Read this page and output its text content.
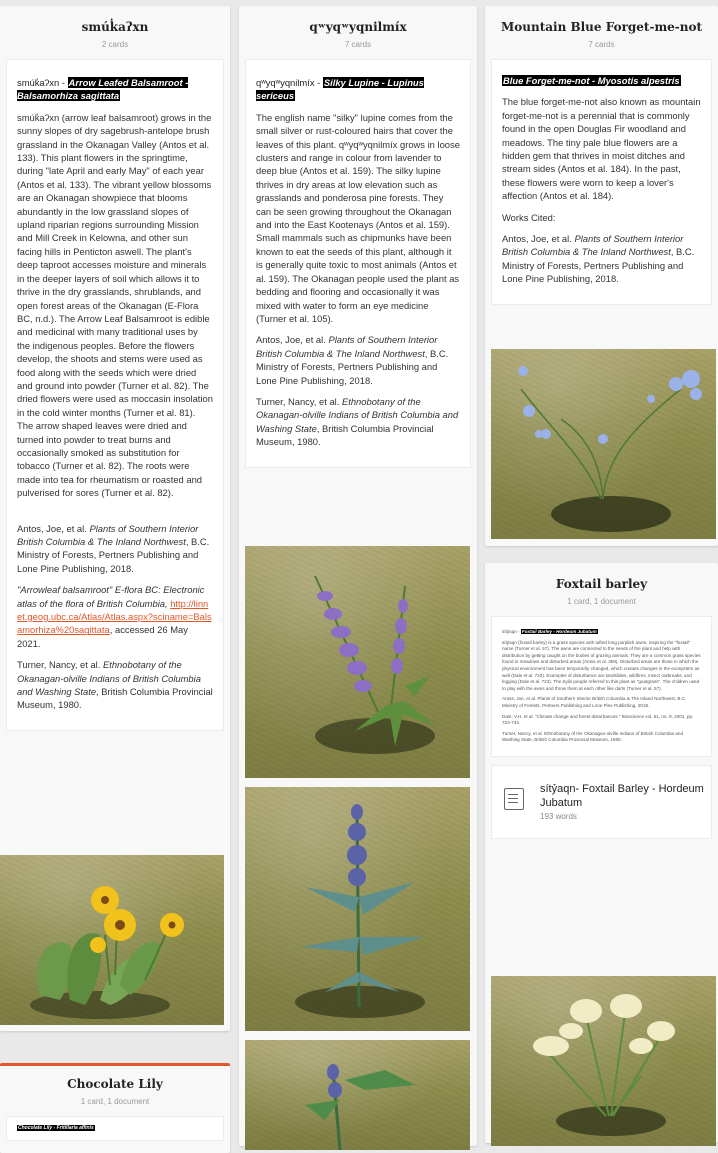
smúk̓aʔxn
2 cards

smúk̓aʔxn - Arrow Leafed Balsamroot - Balsamorhiza sagittata

smúk̓aʔxn (arrow leaf balsamroot) grows in the sunny slopes of dry sagebrush-antelope brush grassland in the Okanagan Valley (Antos et al. 133). This plant flowers in the springtime, during "late April and early May" of each year (Antos et al. 133). The vibrant yellow blossoms are an Okanagan showpiece that blooms abundantly in the low grassland slopes of upland riparian regions surrounding Mission and Mill Creek in Kelowna, and other sun facing hills in Penticton aswell. The plant's deep taproot accesses moisture and minerals in the deeper layers of soil which allows it to thrive in the dry grasslands, shrublands, and open forest areas of the Okanagan (E-Flora BC, n.d.). The Arrow Leaf Balsamroot is edible and medicinal with many traditional uses by the indigenous peoples. Before the flowers develop, the shoots and stems were used as food along with the seeds which were dried and ground into powder (Turner et al. 82). The dried flowers were used as moccasin insolation in the cold winter months (Turner et al. 81). The arrow shaped leaves were dried and turned into powder to treat burns and occasionally smoked as substitution for tobacco (Turner et al. 82). The roots were made into tea for rheumatism or roasted and pulverised for sores (Turner et al. 82).

Antos, Joe, et al. Plants of Southern Interior British Columbia & The Inland Northwest, B.C. Ministry of Forests, Pertners Publishing and Lone Pine Publishing, 2018.

"Arrowleaf balsamroot" E-flora BC: Electronic atlas of the flora of British Columbia, http://linnet.geog.ubc.ca/Atlas/Atlas.aspx?sciname=Balsamorhiza%20sagittata, accessed 26 May 2021.

Turner, Nancy, et al. Ethnobotany of the Okanagan-olville Indians of British Columbia and Washing State, British Columbia Provincial Museum, 1980.

Chocolate Lily
1 card, 1 document
Chocolate Lily - Fritillaria affinis
qʷyqʷyqnilmíx
7 cards

qʷyqʷyqnilmíx - Silky Lupine - Lupinus sericeus

The english name "silky" lupine comes from the small silver or rust-coloured hairs that cover the leaves of this plant. qʷyqʷyqnilmíx grows in loose clusters and range in colour from lavender to deep blue (Antos et al. 159). The silky lupine thrives in dry areas at low elevation such as grasslands and ponderosa pine forests. They can be seen growing throughout the Okanagan and into the East Kootenays (Antos et al. 159). Small mammals such as chipmunks have been known to eat the seeds of this plant, although it is generally quite toxic to most animals (Antos et al. 159). The Okanagan people used the plant as bedding and flooring and occasionally it was mixed with water to form an eye medicine (Turner et al. 105).

Antos, Joe, et al. Plants of Southern Interior British Columbia & The Inland Northwest, B.C. Ministry of Forests, Pertners Publishing and Lone Pine Publishing, 2018.

Turner, Nancy, et al. Ethnobotany of the Okanagan-olville Indians of British Columbia and Washing State, British Columbia Provincial Museum, 1980.

Mountain Blue Forget-me-not
7 cards

Blue Forget-me-not - Myosotis alpestris

The blue forget-me-not also known as mountain forget-me-not is a perennial that is commonly found in the open Douglas Fir woodland and meadows. The tiny pale blue flowers are a hidden gem that thrives in moist ditches and stream sides (Antos et al. 184). In the past, these flowers were worn to keep a lover's affection (Antos et al. 184).

Works Cited:

Antos, Joe, et al. Plants of Southern Interior British Columbia & The Inland Northwest, B.C. Ministry of Forests, Pertners Publishing and Lone Pine Publishing, 2018.

Foxtail barley
1 card, 1 document

sítỷaqn - Foxtail Barley - Hordeum Jubatum

sítỷaqn (foxtail barley) is a grass species with tufted long purplish awns, inspiring the "foxtail" name (Turner et al. 57). The awns are connected to the seeds of the plant and help with distribution by getting caught on the bodies of grazing animals. They are a common grass species found in meadows and disturbed areas (Antos et al. 358). Disturbed areas are those in which the physical environment has been temporarily changed, which creates changes in the ecosystem as well (Dale et al. 723). Examples of disturbance are landslides, wildfires, insect outbreaks, and logging (Dale et al. 723). The Syilx people referred to this plant as "goatgrass". The children used to play with the awns and throw them at each other like darts (Turner et al. 57).

Antos, Joe, et al. Plants of Southern Interior British Columbia & The Inland Northwest, B.C. Ministry of Forests, Pertners Publishing and Lone Pine Publishing, 2018.

Dale, V.H. et al. "Climate change and forest disturbances." Bioscience vol. 51, no. 9, 2001, pp. 723-734.

Turner, Nancy, et al. Ethnobotany of the Okanagan-olville Indians of British Columbia and Washing State, British Columbia Provincial Museum, 1980.

sítỷaqn- Foxtail Barley - Hordeum Jubatum
193 words
